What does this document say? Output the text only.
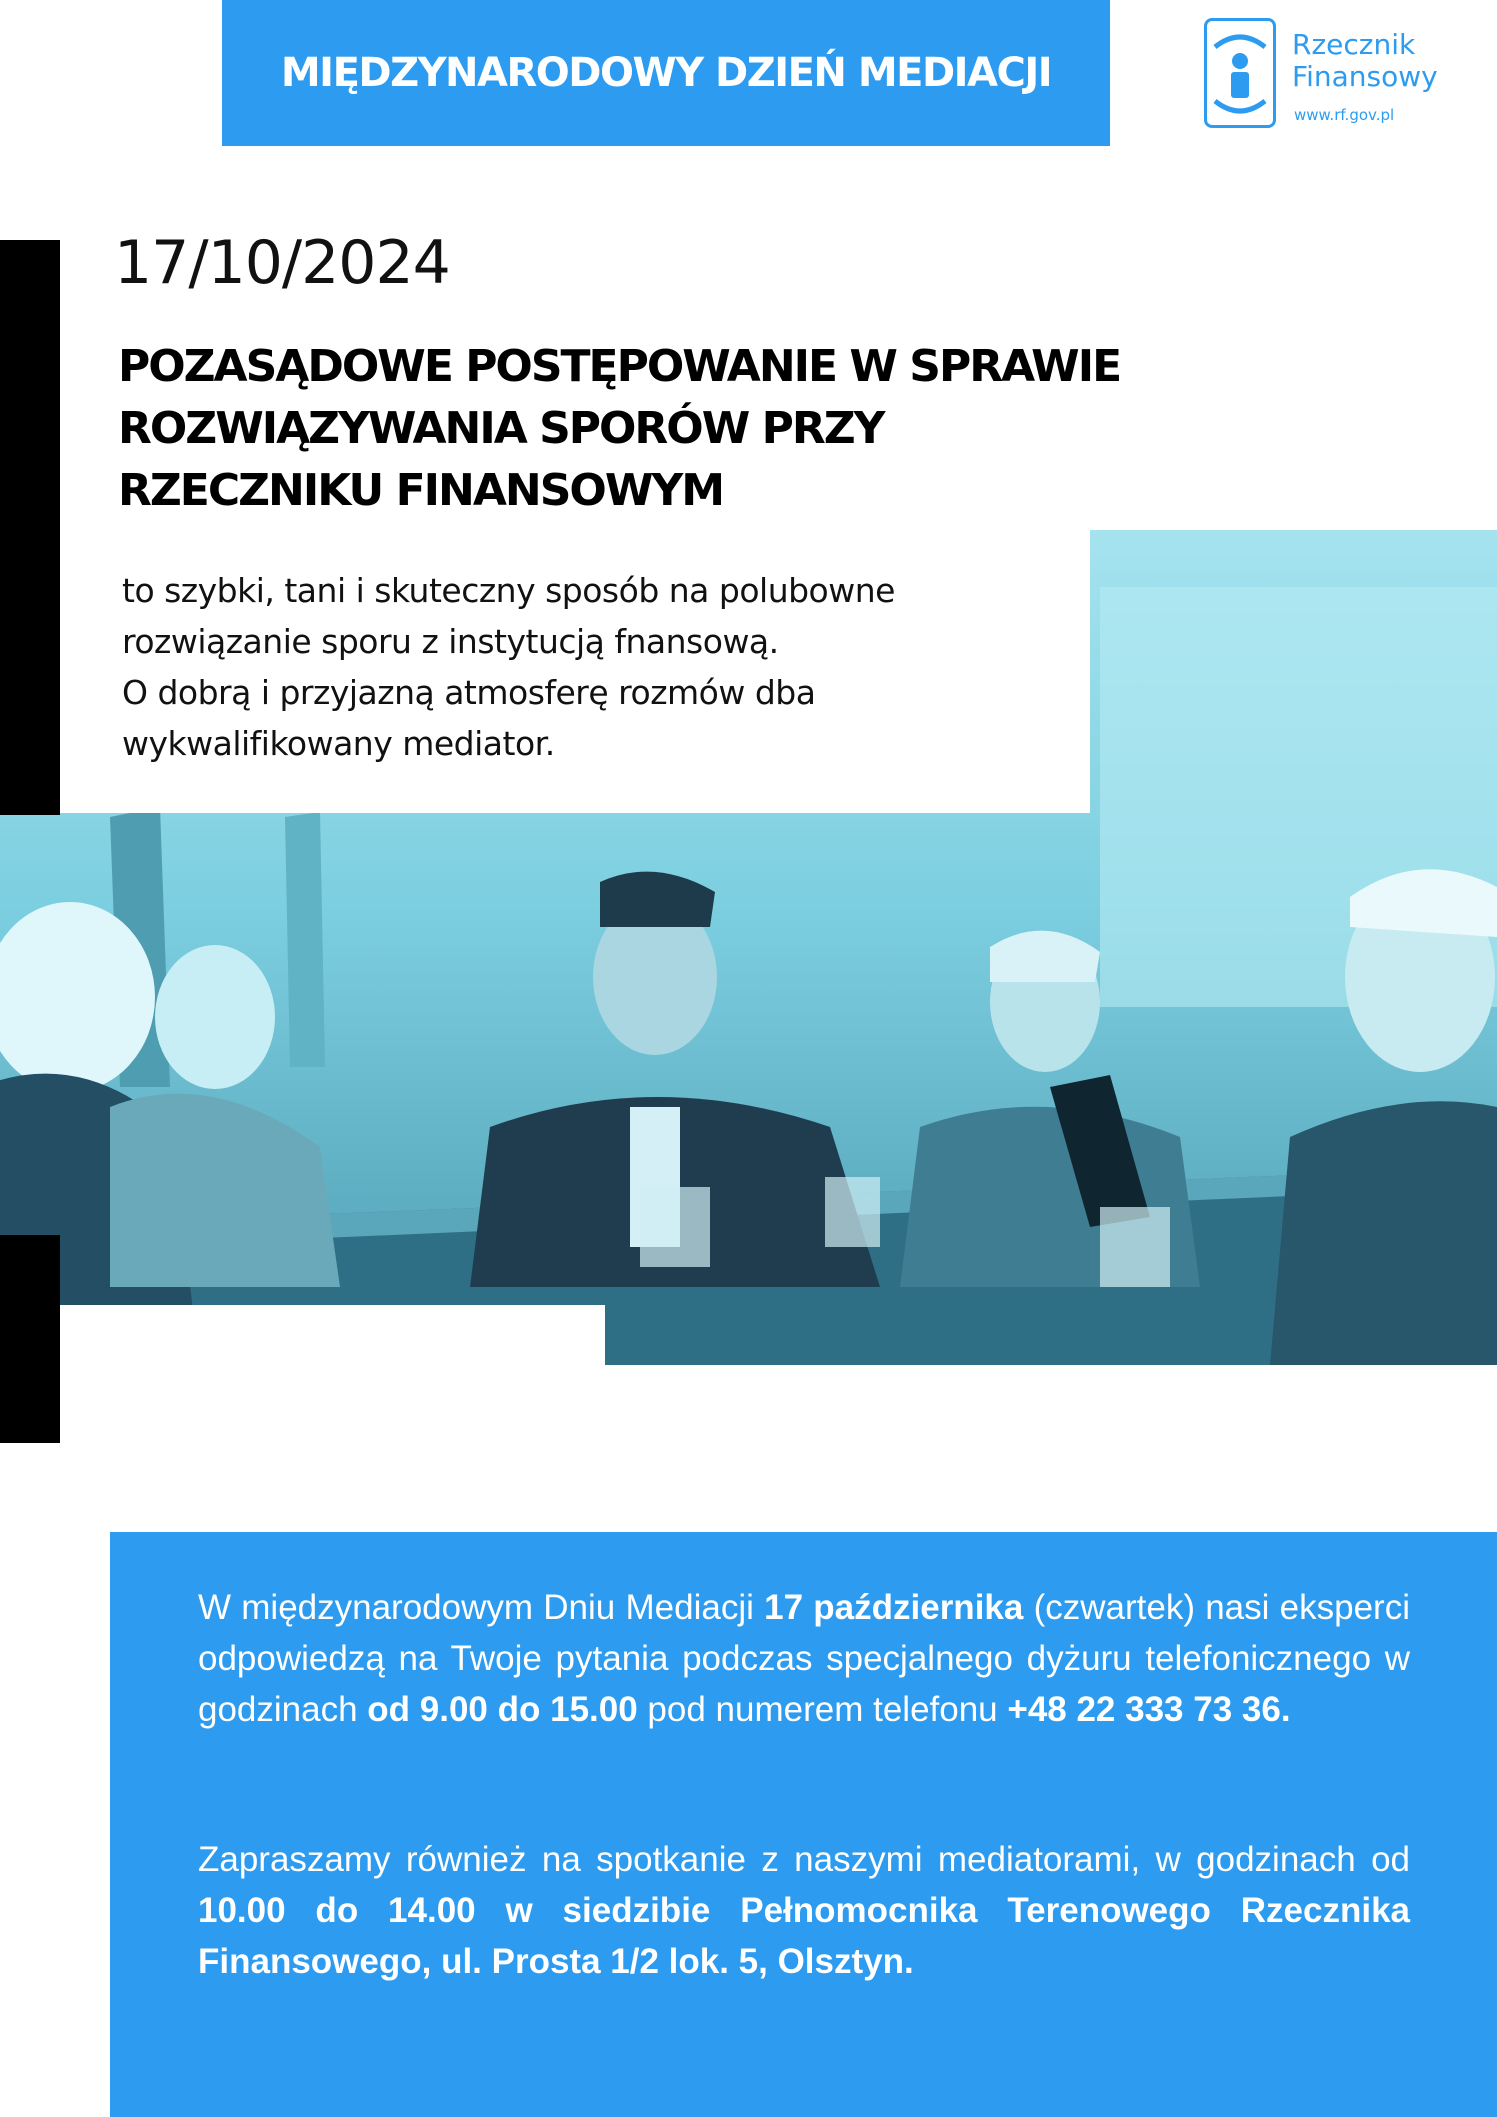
MIĘDZYNARODOWY DZIEŃ MEDIACJI
Rzecznik
Finansowy
www.rf.gov.pl
17/10/2024
POZASĄDOWE POSTĘPOWANIE W SPRAWIE
ROZWIĄZYWANIA SPORÓW PRZY
RZECZNIKU FINANSOWYM

to szybki, tani i skuteczny sposób na polubowne
rozwiązanie sporu z instytucją fnansową.
O dobrą i przyjazną atmosferę rozmów dba
wykwalifikowany mediator.

W międzynarodowym Dniu Mediacji 17 października (czwartek) nasi eksperci odpowiedzą na Twoje pytania podczas specjalnego dyżuru telefonicznego w godzinach od 9.00 do 15.00 pod numerem telefonu +48 22 333 73 36.

Zapraszamy również na spotkanie z naszymi mediatorami, w godzinach od 10.00 do 14.00 w siedzibie Pełnomocnika Terenowego Rzecznika Finansowego, ul. Prosta 1/2 lok. 5, Olsztyn.
